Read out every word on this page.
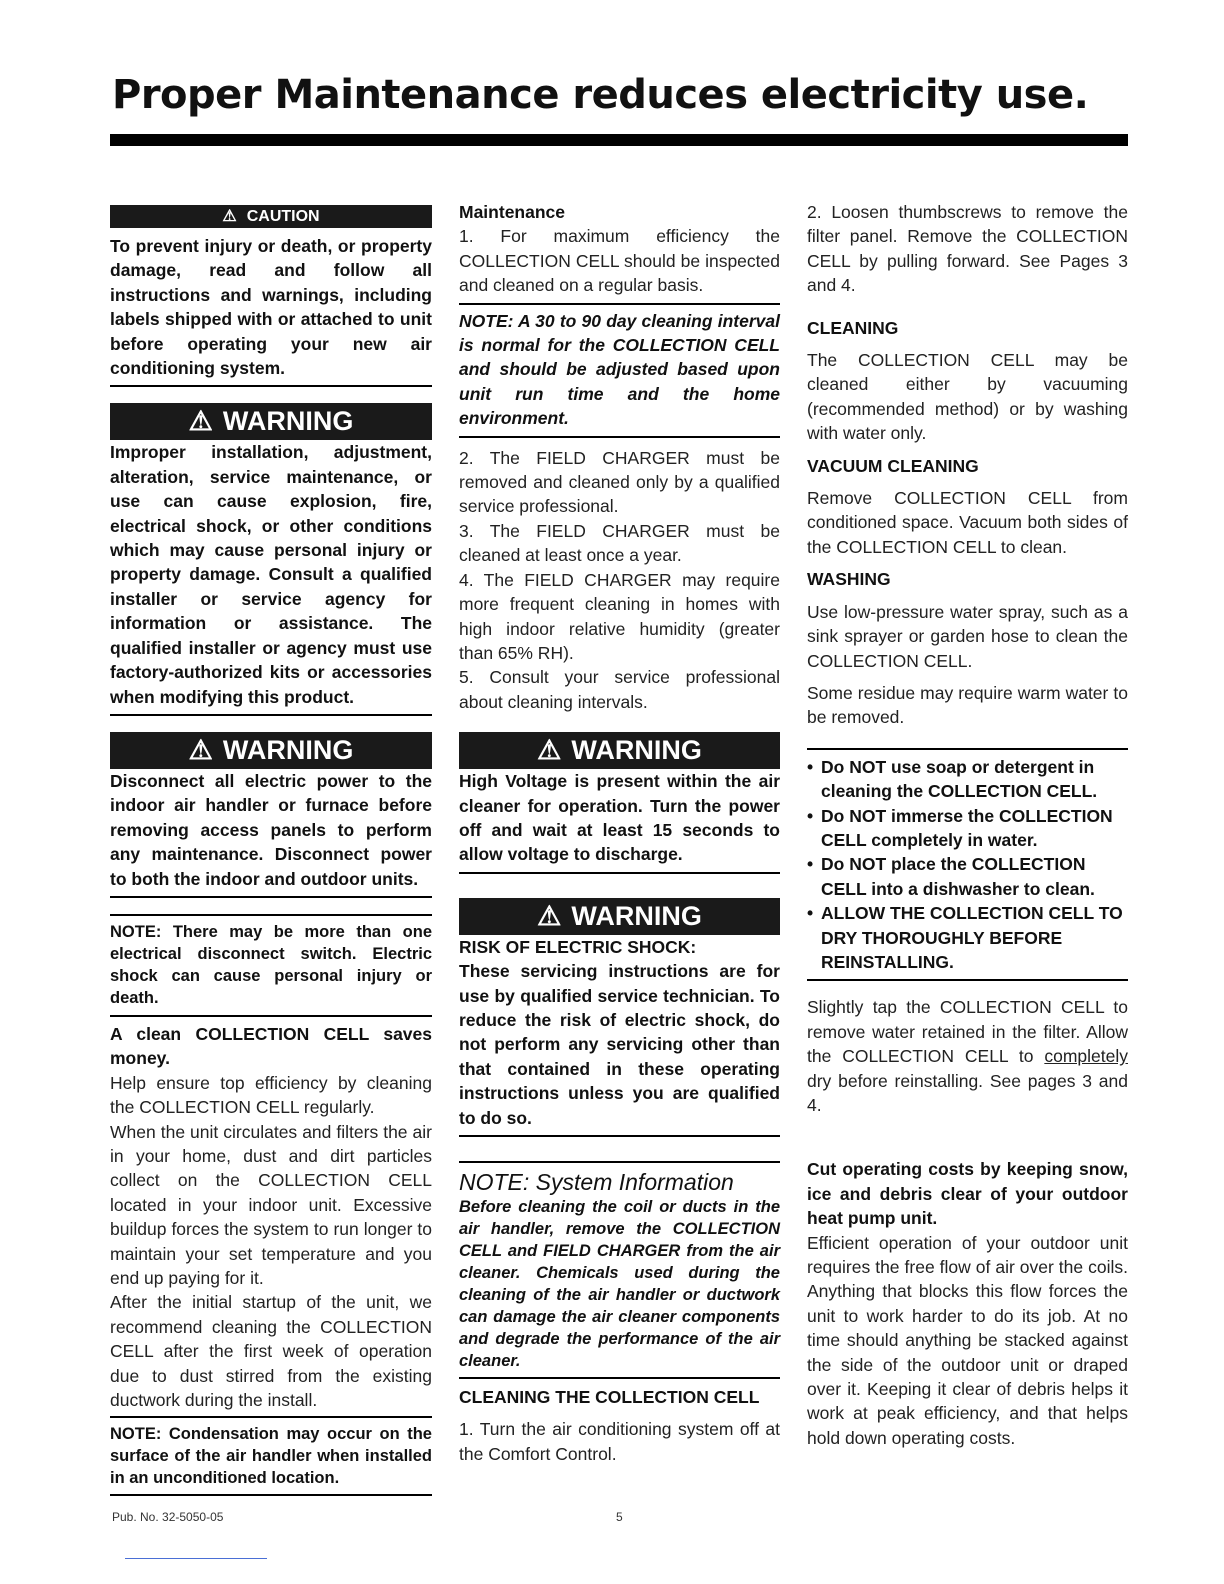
Proper Maintenance reduces electricity use.
⚠ CAUTION

To prevent injury or death, or property damage, read and follow all instructions and warnings, including labels shipped with or attached to unit before operating your new air conditioning system.

⚠ WARNING

Improper installation, adjustment, alteration, service maintenance, or use can cause explosion, fire, electrical shock, or other conditions which may cause personal injury or property damage. Consult a qualified installer or service agency for information or assistance. The qualified installer or agency must use factory-authorized kits or accessories when modifying this product.

⚠ WARNING

Disconnect all electric power to the indoor air handler or furnace before removing access panels to perform any maintenance. Disconnect power to both the indoor and outdoor units.

NOTE: There may be more than one electrical disconnect switch. Electric shock can cause personal injury or death.

A clean COLLECTION CELL saves money.

Help ensure top efficiency by cleaning the COLLECTION CELL regularly.

When the unit circulates and filters the air in your home, dust and dirt particles collect on the COLLECTION CELL located in your indoor unit. Excessive buildup forces the system to run longer to maintain your set temperature and you end up paying for it.

After the initial startup of the unit, we recommend cleaning the COLLECTION CELL after the first week of operation due to dust stirred from the existing ductwork during the install.

NOTE: Condensation may occur on the surface of the air handler when installed in an unconditioned location.

Maintenance

1. For maximum efficiency the COLLECTION CELL should be inspected and cleaned on a regular basis.

NOTE: A 30 to 90 day cleaning interval is normal for the COLLECTION CELL and should be adjusted based upon unit run time and the home environment.

2. The FIELD CHARGER must be removed and cleaned only by a qualified service professional.

3. The FIELD CHARGER must be cleaned at least once a year.

4. The FIELD CHARGER may require more frequent cleaning in homes with high indoor relative humidity (greater than 65% RH).

5. Consult your service professional about cleaning intervals.

⚠ WARNING

High Voltage is present within the air cleaner for operation. Turn the power off and wait at least 15 seconds to allow voltage to discharge.

⚠ WARNING

RISK OF ELECTRIC SHOCK:

These servicing instructions are for use by qualified service technician. To reduce the risk of electric shock, do not perform any servicing other than that contained in these operating instructions unless you are qualified to do so.

NOTE: System Information

Before cleaning the coil or ducts in the air handler, remove the COLLECTION CELL and FIELD CHARGER from the air cleaner. Chemicals used during the cleaning of the air handler or ductwork can damage the air cleaner components and degrade the performance of the air cleaner.

CLEANING THE COLLECTION CELL

1. Turn the air conditioning system off at the Comfort Control.

2. Loosen thumbscrews to remove the filter panel. Remove the COLLECTION CELL by pulling forward. See Pages 3 and 4.

CLEANING

The COLLECTION CELL may be cleaned either by vacuuming (recommended method) or by washing with water only.

VACUUM CLEANING

Remove COLLECTION CELL from conditioned space. Vacuum both sides of the COLLECTION CELL to clean.

WASHING

Use low-pressure water spray, such as a sink sprayer or garden hose to clean the COLLECTION CELL.

Some residue may require warm water to be removed.

• Do NOT use soap or detergent in cleaning the COLLECTION CELL.
• Do NOT immerse the COLLECTION CELL completely in water.
• Do NOT place the COLLECTION CELL into a dishwasher to clean.
• ALLOW THE COLLECTION CELL TO DRY THOROUGHLY BEFORE REINSTALLING.

Slightly tap the COLLECTION CELL to remove water retained in the filter. Allow the COLLECTION CELL to completely dry before reinstalling. See pages 3 and 4.

Cut operating costs by keeping snow, ice and debris clear of your outdoor heat pump unit.

Efficient operation of your outdoor unit requires the free flow of air over the coils. Anything that blocks this flow forces the unit to work harder to do its job. At no time should anything be stacked against the side of the outdoor unit or draped over it. Keeping it clear of debris helps it work at peak efficiency, and that helps hold down operating costs.

Pub. No. 32-5050-05	5
